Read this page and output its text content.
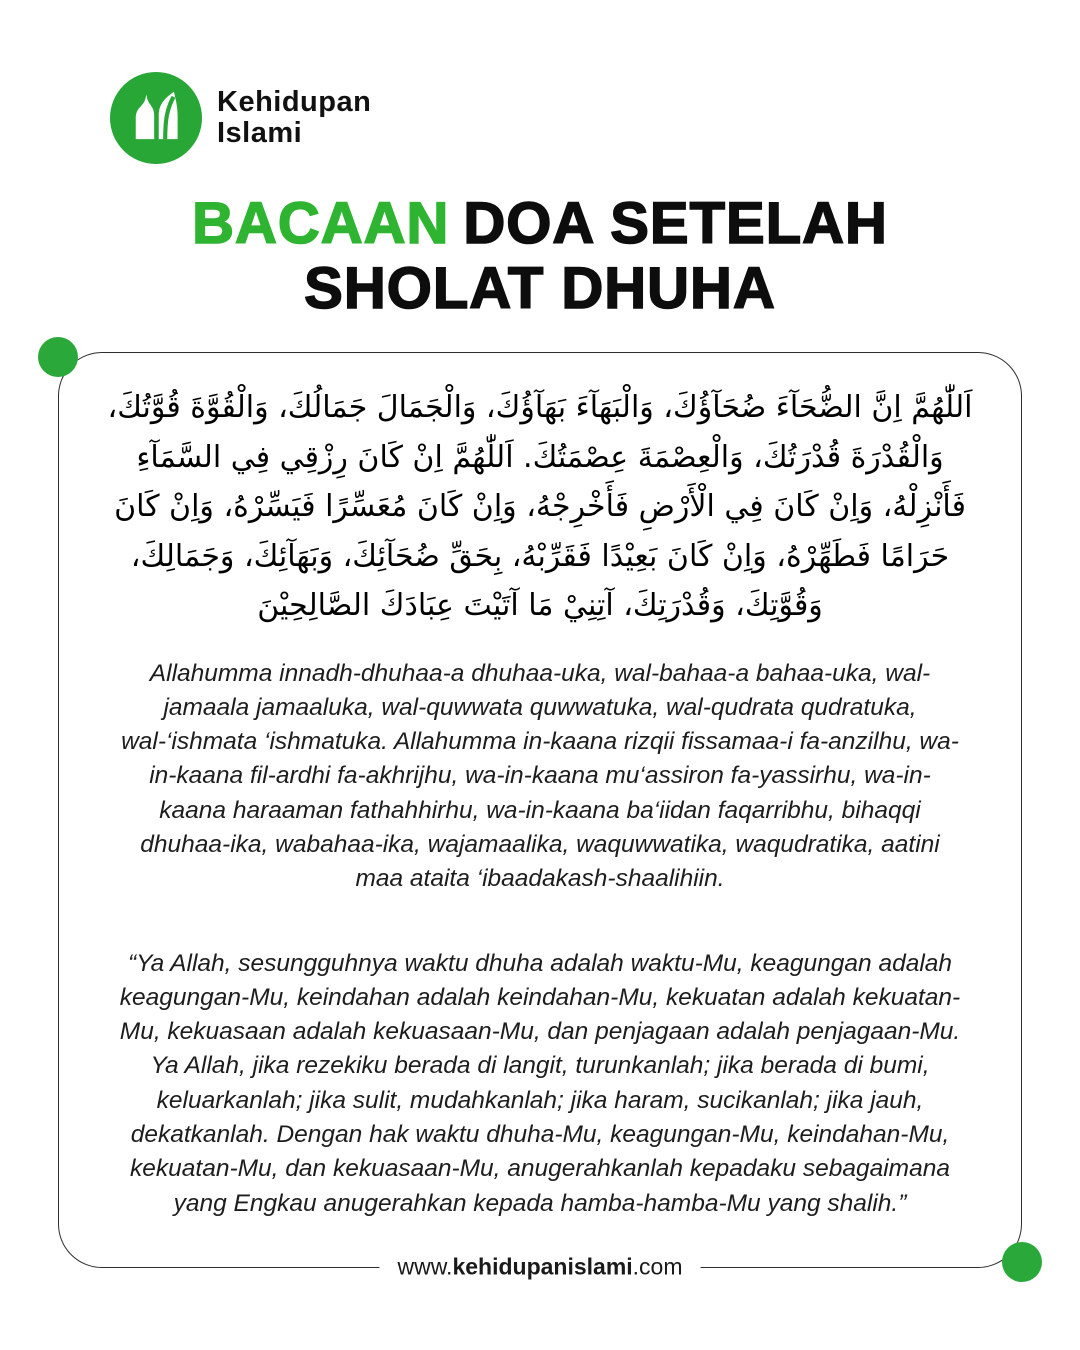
Kehidupan
Islami
BACAAN DOA SETELAH
SHOLAT DHUHA
اَللّٰهُمَّ اِنَّ الضُّحَآءَ ضُحَآؤُكَ، وَالْبَهَآءَ بَهَآؤُكَ، وَالْجَمَالَ جَمَالُكَ، وَالْقُوَّةَ قُوَّتُكَ، وَالْقُدْرَةَ قُدْرَتُكَ، وَالْعِصْمَةَ عِصْمَتُكَ. اَللّٰهُمَّ اِنْ كَانَ رِزْقِي فِي السَّمَآءِ فَأَنْزِلْهُ، وَاِنْ كَانَ فِي الْأَرْضِ فَأَخْرِجْهُ، وَاِنْ كَانَ مُعَسِّرًا فَيَسِّرْهُ، وَاِنْ كَانَ حَرَامًا فَطَهِّرْهُ، وَاِنْ كَانَ بَعِيْدًا فَقَرِّبْهُ، بِحَقِّ ضُحَآئِكَ، وَبَهَآئِكَ، وَجَمَالِكَ، وَقُوَّتِكَ، وَقُدْرَتِكَ، آتِنِيْ مَا آتَيْتَ عِبَادَكَ الصَّالِحِيْنَ
Allahumma innadh-dhuhaa-a dhuhaa-uka, wal-bahaa-a bahaa-uka, wal-jamaala jamaaluka, wal-quwwata quwwatuka, wal-qudrata qudratuka, wal-‘ishmata ‘ishmatuka. Allahumma in-kaana rizqii fissamaa-i fa-anzilhu, wa-in-kaana fil-ardhi fa-akhrijhu, wa-in-kaana mu‘assiron fa-yassirhu, wa-in-kaana haraaman fathahhirhu, wa-in-kaana ba‘iidan faqarribhu, bihaqqi dhuhaa-ika, wabahaa-ika, wajamaalika, waquwwatika, waqudratika, aatini maa ataita ‘ibaadakash-shaalihiin.
“Ya Allah, sesungguhnya waktu dhuha adalah waktu-Mu, keagungan adalah keagungan-Mu, keindahan adalah keindahan-Mu, kekuatan adalah kekuatan-Mu, kekuasaan adalah kekuasaan-Mu, dan penjagaan adalah penjagaan-Mu. Ya Allah, jika rezekiku berada di langit, turunkanlah; jika berada di bumi, keluarkanlah; jika sulit, mudahkanlah; jika haram, sucikanlah; jika jauh, dekatkanlah. Dengan hak waktu dhuha-Mu, keagungan-Mu, keindahan-Mu, kekuatan-Mu, dan kekuasaan-Mu, anugerahkanlah kepadaku sebagaimana yang Engkau anugerahkan kepada hamba-hamba-Mu yang shalih.”
www.kehidupanislami.com
